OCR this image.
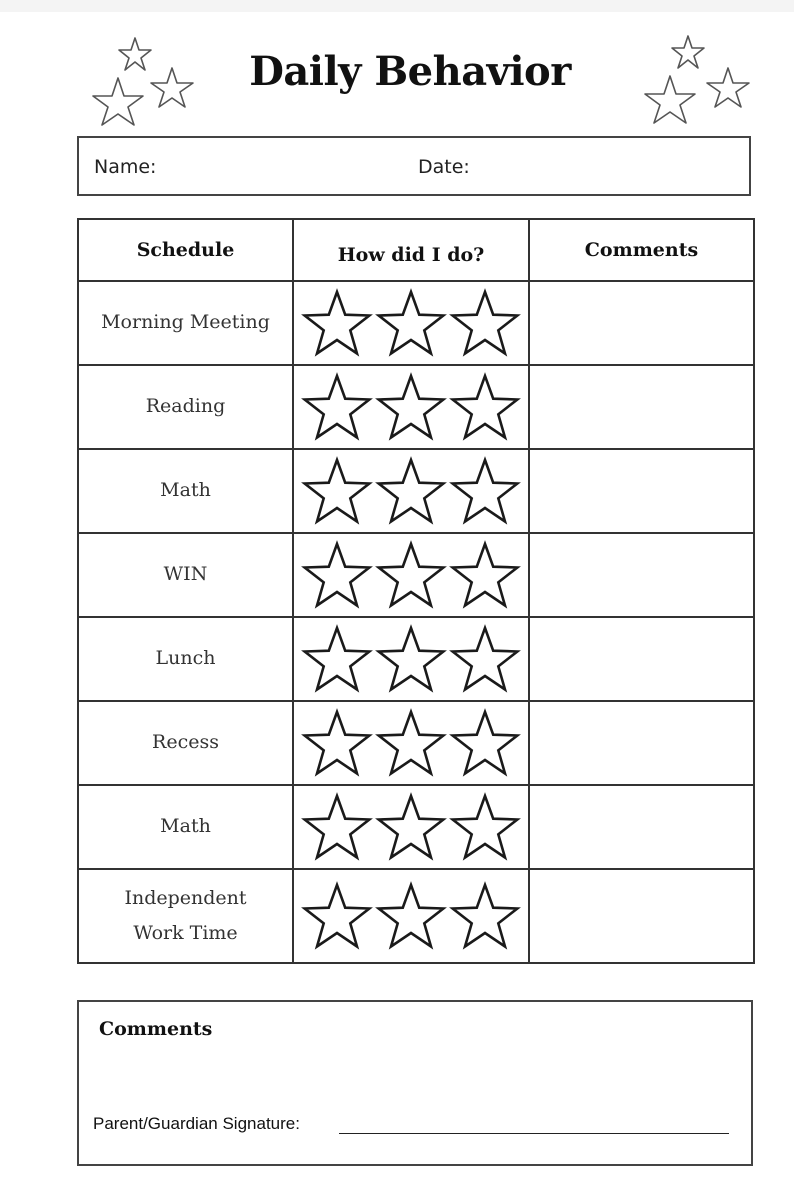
Daily Behavior
Name:	Date:
Schedule	How did I do?	Comments
Morning Meeting	

Reading	

Math	

WIN	

Lunch	

Recess	

Math	

Independent
Work Time	

Comments
Parent/Guardian Signature:
